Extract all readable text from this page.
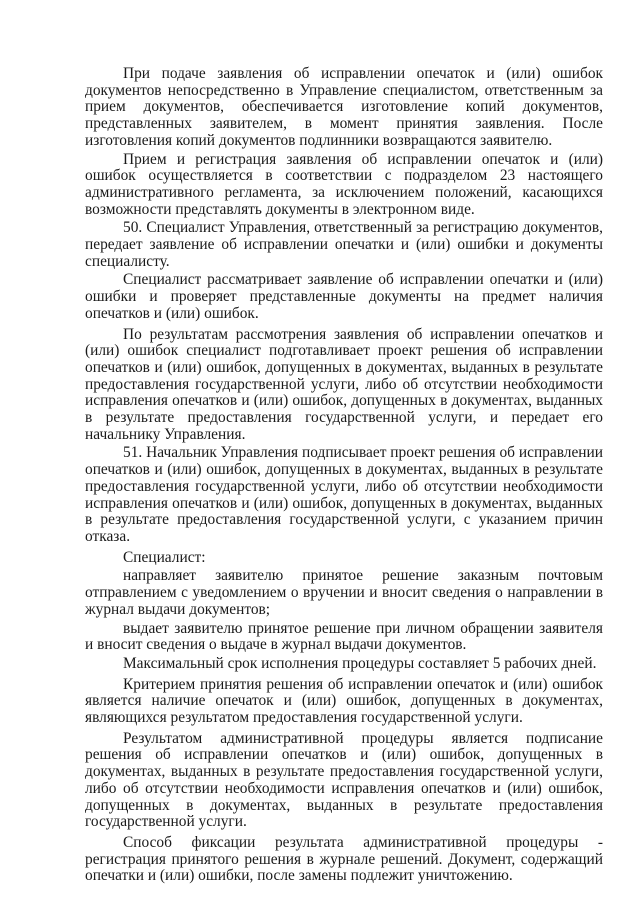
При подаче заявления об исправлении опечаток и (или) ошибок документов непосредственно в Управление специалистом, ответственным за прием документов, обеспечивается изготовление копий документов, представленных заявителем, в момент принятия заявления. После изготовления копий документов подлинники возвращаются заявителю.

Прием и регистрация заявления об исправлении опечаток и (или) ошибок осуществляется в соответствии с подразделом 23 настоящего административного регламента, за исключением положений, касающихся возможности представлять документы в электронном виде.

50. Специалист Управления, ответственный за регистрацию документов, передает заявление об исправлении опечатки и (или) ошибки и документы специалисту.

Специалист рассматривает заявление об исправлении опечатки и (или) ошибки и проверяет представленные документы на предмет наличия опечатков и (или) ошибок.

По результатам рассмотрения заявления об исправлении опечатков и (или) ошибок специалист подготавливает проект решения об исправлении опечатков и (или) ошибок, допущенных в документах, выданных в результате предоставления государственной услуги, либо об отсутствии необходимости исправления опечатков и (или) ошибок, допущенных в документах, выданных в результате предоставления государственной услуги, и передает его начальнику Управления.

51. Начальник Управления подписывает проект решения об исправлении опечатков и (или) ошибок, допущенных в документах, выданных в результате предоставления государственной услуги, либо об отсутствии необходимости исправления опечатков и (или) ошибок, допущенных в документах, выданных в результате предоставления государственной услуги, с указанием причин отказа.

Специалист:

направляет заявителю принятое решение заказным почтовым отправлением с уведомлением о вручении и вносит сведения о направлении в журнал выдачи документов;

выдает заявителю принятое решение при личном обращении заявителя и вносит сведения о выдаче в журнал выдачи документов.

Максимальный срок исполнения процедуры составляет 5 рабочих дней.

Критерием принятия решения об исправлении опечаток и (или) ошибок является наличие опечаток и (или) ошибок, допущенных в документах, являющихся результатом предоставления государственной услуги.

Результатом административной процедуры является подписание решения об исправлении опечатков и (или) ошибок, допущенных в документах, выданных в результате предоставления государственной услуги, либо об отсутствии необходимости исправления опечатков и (или) ошибок, допущенных в документах, выданных в результате предоставления государственной услуги.

Способ фиксации результата административной процедуры - регистрация принятого решения в журнале решений. Документ, содержащий опечатки и (или) ошибки, после замены подлежит уничтожению.
